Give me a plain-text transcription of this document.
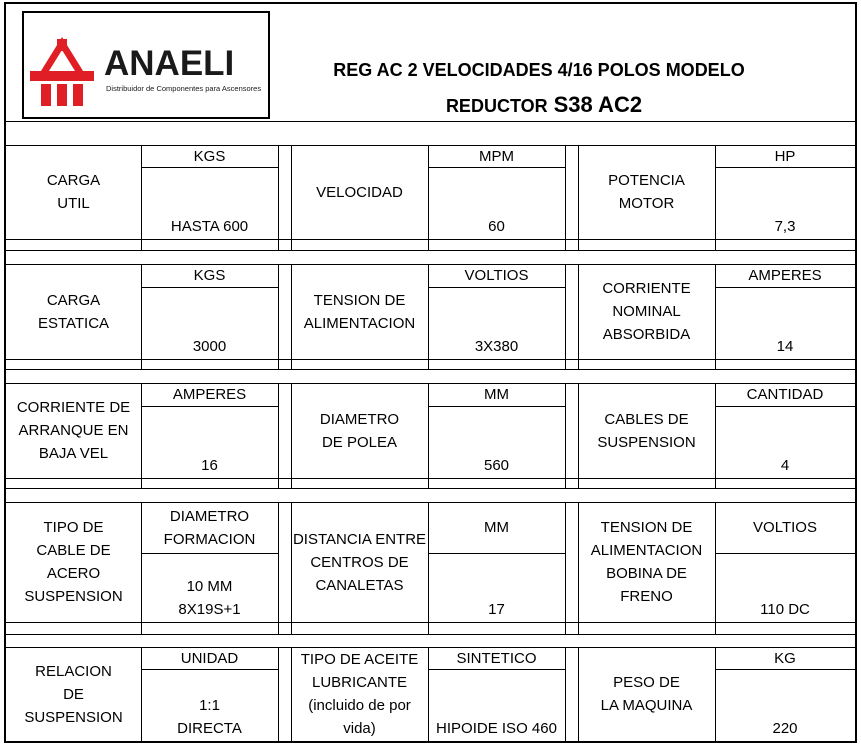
ANAELI
Distribuidor de Componentes para Ascensores
REG AC 2 VELOCIDADES 4/16 POLOS MODELO
REDUCTOR S38 AC2
CARGA
UTIL
KGS
HASTA 600
VELOCIDAD
MPM
60
POTENCIA
MOTOR
HP
7,3
CARGA
ESTATICA
KGS
3000
TENSION DE
ALIMENTACION
VOLTIOS
3X380
CORRIENTE
NOMINAL
ABSORBIDA
AMPERES
14
CORRIENTE DE
ARRANQUE EN
BAJA VEL
AMPERES
16
DIAMETRO
DE POLEA
MM
560
CABLES DE
SUSPENSION
CANTIDAD
4
TIPO DE
CABLE DE
ACERO
SUSPENSION
DIAMETRO
FORMACION
10 MM
8X19S+1
DISTANCIA ENTRE
CENTROS DE
CANALETAS
MM
17
TENSION DE
ALIMENTACION
BOBINA DE
FRENO
VOLTIOS
110 DC
RELACION
DE
SUSPENSION
UNIDAD
1:1
DIRECTA
TIPO DE ACEITE
LUBRICANTE
(incluido de por
vida)
SINTETICO
HIPOIDE ISO 460
PESO DE
LA MAQUINA
KG
220
